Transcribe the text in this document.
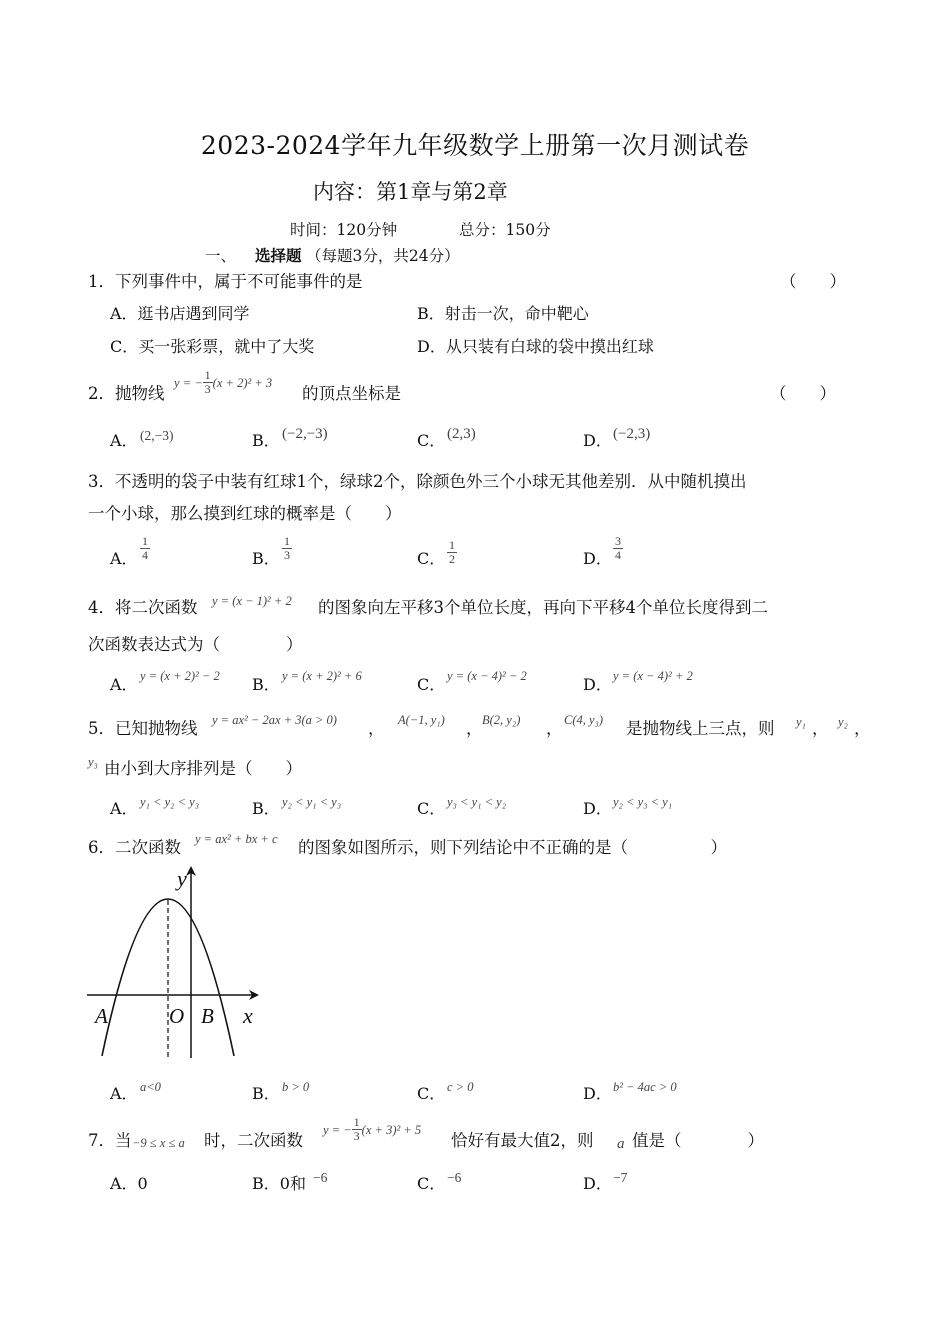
2023-2024学年九年级数学上册第一次月测试卷
内容：第1章与第2章
时间：120分钟	总分：150分
一、 选择题 （每题3分，共24分）
1．下列事件中，属于不可能事件的是	（　　）
A．逛书店遇到同学	B．射击一次，命中靶心
C．买一张彩票，就中了大奖	D．从只装有白球的袋中摸出红球
2．抛物线
y = − $\frac{1}{3} (x + 2)^2 + 3$
的顶点坐标是	（　　）
A． (2,−3)	B． (−2,−3)	C． (2,3)	D． (−2,3)
3．不透明的袋子中装有红球1个，绿球2个，除颜色外三个小球无其他差别．从中随机摸出
一个小球，那么摸到红球的概率是（　　）
A． $\frac{1}{4}$	B． $\frac{1}{3}$	C． $\frac{1}{2}$	D． $\frac{3}{4}$
4．将二次函数 y = (x − 1)² + 2 的图象向左平移3个单位长度，再向下平移4个单位长度得到二
次函数表达式为（　　　　）
A． y = (x + 2)² − 2 B． y = (x + 2)² + 6	C． y = (x − 4)² − 2	D． y = (x − 4)² + 2
5．已知抛物线 y = ax² − 2ax + 3(a > 0) ， A(−1, y₁) ， B(2, y₂) ， C(4, y₃) 是抛物线上三点，则 y₁ ， y₂ ，
y₃ 由小到大序排列是（　　）
A． y₁ < y₂ < y₃	B． y₂ < y₁ < y₃	C． y₃ < y₁ < y₂	D． y₂ < y₃ < y₁
6．二次函数 y = ax² + bx + c 的图象如图所示，则下列结论中不正确的是（　　　　　）
y
x
A	O B
A． a<0	B． b > 0	C． c > 0	D． b² − 4ac > 0
7．当 −9 ≤ x ≤ a 时，二次函数
y = − $\frac{1}{3} (x + 3)^2 + 5$
恰好有最大值2，则 a 值是（　　　　）
A．0	B．0和 −6	C． −6	D． −7
